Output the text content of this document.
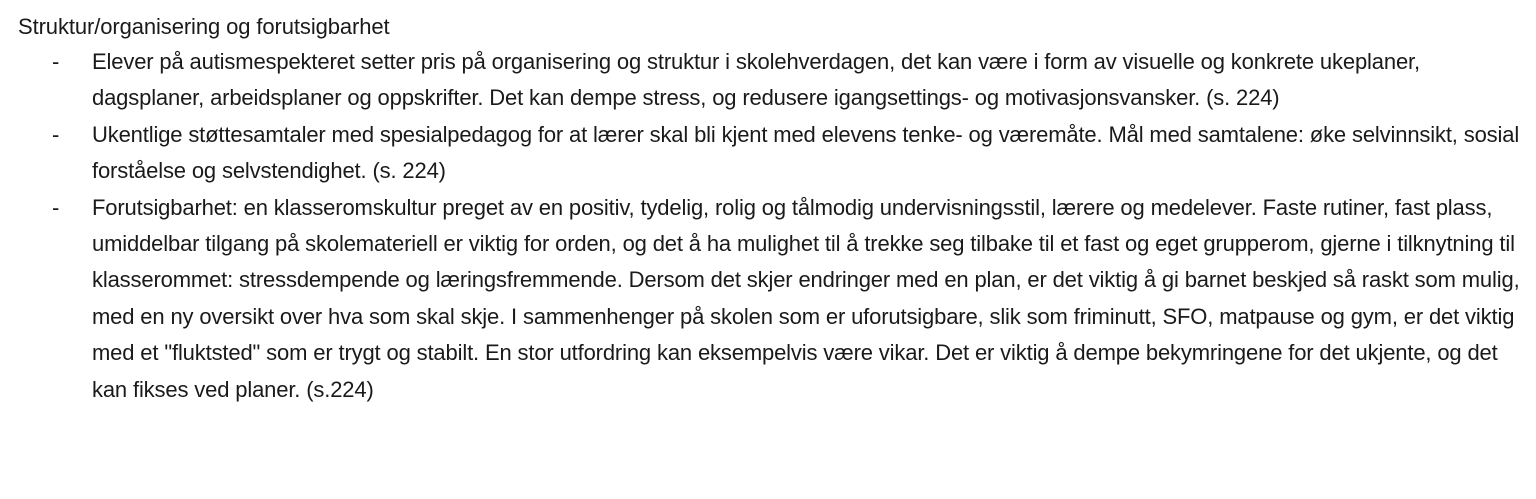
Struktur/organisering og forutsigbarhet

-	Elever på autismespekteret setter pris på organisering og struktur i skolehverdagen, det kan være i form av visuelle og konkrete ukeplaner, dagsplaner, arbeidsplaner og oppskrifter. Det kan dempe stress, og redusere igangsettings- og motivasjonsvansker. (s. 224)
-	Ukentlige støttesamtaler med spesialpedagog for at lærer skal bli kjent med elevens tenke- og væremåte. Mål med samtalene: øke selvinnsikt, sosial forståelse og selvstendighet. (s. 224)
-	Forutsigbarhet: en klasseromskultur preget av en positiv, tydelig, rolig og tålmodig undervisningsstil, lærere og medelever. Faste rutiner, fast plass, umiddelbar tilgang på skolemateriell er viktig for orden, og det å ha mulighet til å trekke seg tilbake til et fast og eget grupperom, gjerne i tilknytning til klasserommet: stressdempende og læringsfremmende. Dersom det skjer endringer med en plan, er det viktig å gi barnet beskjed så raskt som mulig, med en ny oversikt over hva som skal skje. I sammenhenger på skolen som er uforutsigbare, slik som friminutt, SFO, matpause og gym, er det viktig med et "fluktsted" som er trygt og stabilt. En stor utfordring kan eksempelvis være vikar. Det er viktig å dempe bekymringene for det ukjente, og det kan fikses ved planer. (s.224)
